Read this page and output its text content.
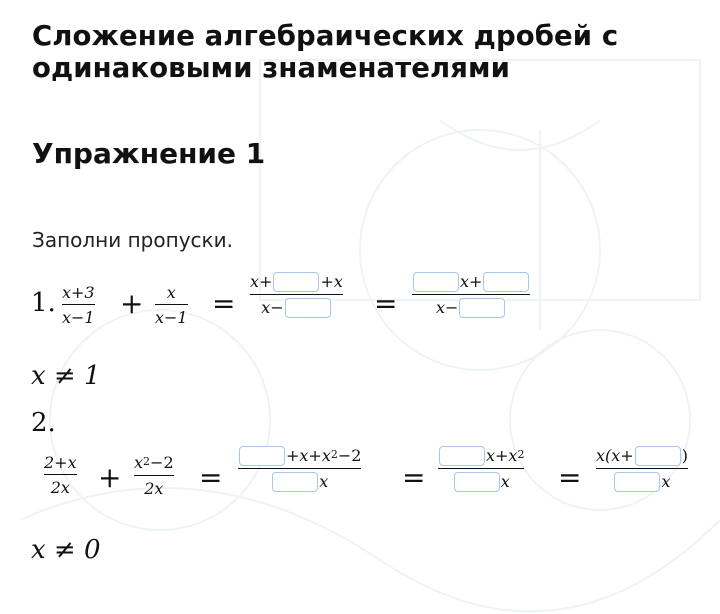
Сложение алгебраических дробей с одинаковыми знаменателями
Упражнение 1

Заполни пропуски.

1. x+3
x−1 + x
x−1 =
x+	+x
x−	=
x+
x−
x ≠ 1
2.
2+x
$2x + x^2 -2$
2x =
$+x+x^2 -2$
x	=
$x+x^2$
x =
x(x+	)
x
x ≠ 0
